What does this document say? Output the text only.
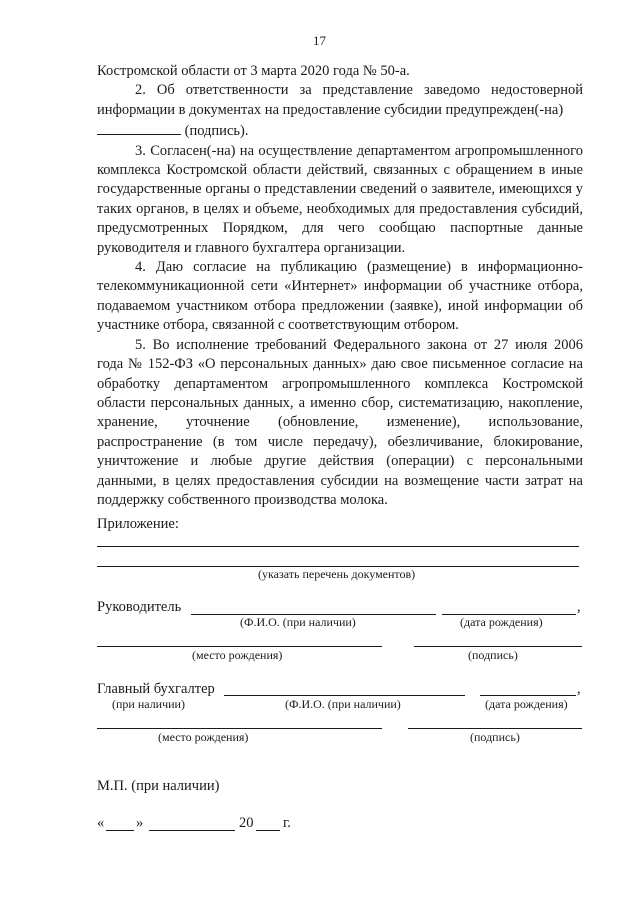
17

Костромской области от 3 марта 2020 года № 50-а.

2. Об ответственности за представление заведомо недостоверной информации в документах на предоставление субсидии предупрежден(-на)
(подпись).

3. Согласен(-на) на осуществление департаментом агропромышленного комплекса Костромской области действий, связанных с обращением в иные государственные органы о представлении сведений о заявителе, имеющихся у таких органов, в целях и объеме, необходимых для предоставления субсидий, предусмотренных Порядком, для чего сообщаю паспортные данные руководителя и главного бухгалтера организации.

4. Даю согласие на публикацию (размещение) в информационно-телекоммуникационной сети «Интернет» информации об участнике отбора, подаваемом участником отбора предложении (заявке), иной информации об участнике отбора, связанной с соответствующим отбором.

5. Во исполнение требований Федерального закона от 27 июля 2006 года № 152-ФЗ «О персональных данных» даю свое письменное согласие на обработку департаментом агропромышленного комплекса Костромской области персональных данных, а именно сбор, систематизацию, накопление, хранение, уточнение (обновление, изменение), использование, распространение (в том числе передачу), обезличивание, блокирование, уничтожение и любые другие действия (операции) с персональными данными, в целях предоставления субсидии на возмещение части затрат на поддержку собственного производства молока.

Приложение:
(указать перечень документов)
Руководитель	,
(Ф.И.О. (при наличии)	(дата рождения)
(место рождения)	(подпись)
Главный бухгалтер	,
(при наличии)	(Ф.И.О. (при наличии)	(дата рождения)
(место рождения)	(подпись)
М.П. (при наличии)
« »	20 г.
